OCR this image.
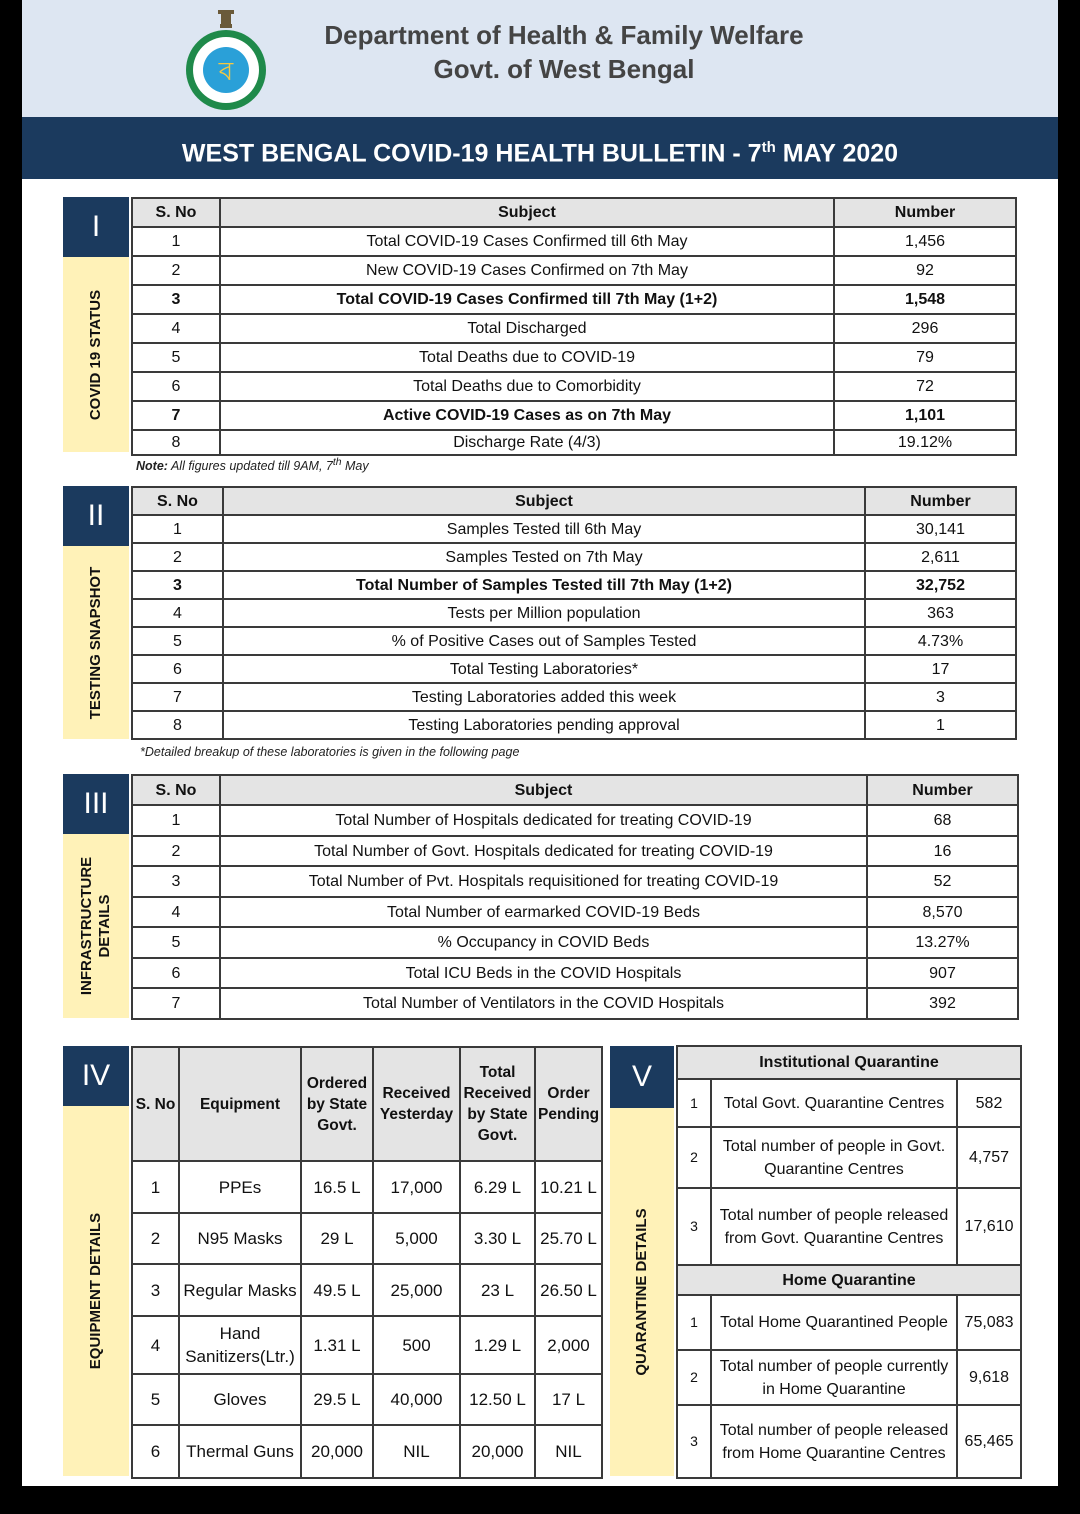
ব
Department of Health & Family Welfare
Govt. of West Bengal
WEST BENGAL COVID-19 HEALTH BULLETIN - 7th MAY 2020
I
COVID 19 STATUS
S. No	Subject	Number
1	Total COVID-19 Cases Confirmed till 6th May	1,456
2	New COVID-19 Cases Confirmed on 7th May	92
3	Total COVID-19 Cases Confirmed till 7th May (1+2)	1,548
4	Total Discharged	296
5	Total Deaths due to COVID-19	79
6	Total Deaths due to Comorbidity	72
7	Active COVID-19 Cases as on 7th May	1,101
8	Discharge Rate (4/3)	19.12%
Note: All figures updated till 9AM, 7th May
II
TESTING SNAPSHOT
S. No	Subject	Number
1	Samples Tested till 6th May	30,141
2	Samples Tested on 7th May	2,611
3	Total Number of Samples Tested till 7th May (1+2)	32,752
4	Tests per Million population	363
5	% of Positive Cases out of Samples Tested	4.73%
6	Total Testing Laboratories*	17
7	Testing Laboratories added this week	3
8	Testing Laboratories pending approval	1
*Detailed breakup of these laboratories is given in the following page
III
INFRASTRUCTURE DETAILS
S. No	Subject	Number
1	Total Number of Hospitals dedicated for treating COVID-19	68
2	Total Number of Govt. Hospitals dedicated for treating COVID-19	16
3	Total Number of Pvt. Hospitals requisitioned for treating COVID-19	52
4	Total Number of earmarked COVID-19 Beds	8,570
5	% Occupancy in COVID Beds	13.27%
6	Total ICU Beds in the COVID Hospitals	907
7	Total Number of Ventilators in the COVID Hospitals	392
IV
EQUIPMENT DETAILS
S. No	Equipment	Ordered by State Govt.	Received Yesterday	Total Received by State Govt.	Order Pending
1	PPEs	16.5 L	17,000	6.29 L	10.21 L
2	N95 Masks	29 L	5,000	3.30 L	25.70 L
3	Regular Masks	49.5 L	25,000	23 L	26.50 L
4	Hand Sanitizers(Ltr.)	1.31 L	500	1.29 L	2,000
5	Gloves	29.5 L	40,000	12.50 L	17 L
6	Thermal Guns	20,000	NIL	20,000	NIL
V
QUARANTINE DETAILS
Institutional Quarantine		
1	Total Govt. Quarantine Centres	582
2	Total number of people in Govt. Quarantine Centres	4,757
3	Total number of people released from Govt. Quarantine Centres	17,610
Home Quarantine		
1	Total Home Quarantined People	75,083
2	Total number of people currently in Home Quarantine	9,618
3	Total number of people released from Home Quarantine Centres	65,465
